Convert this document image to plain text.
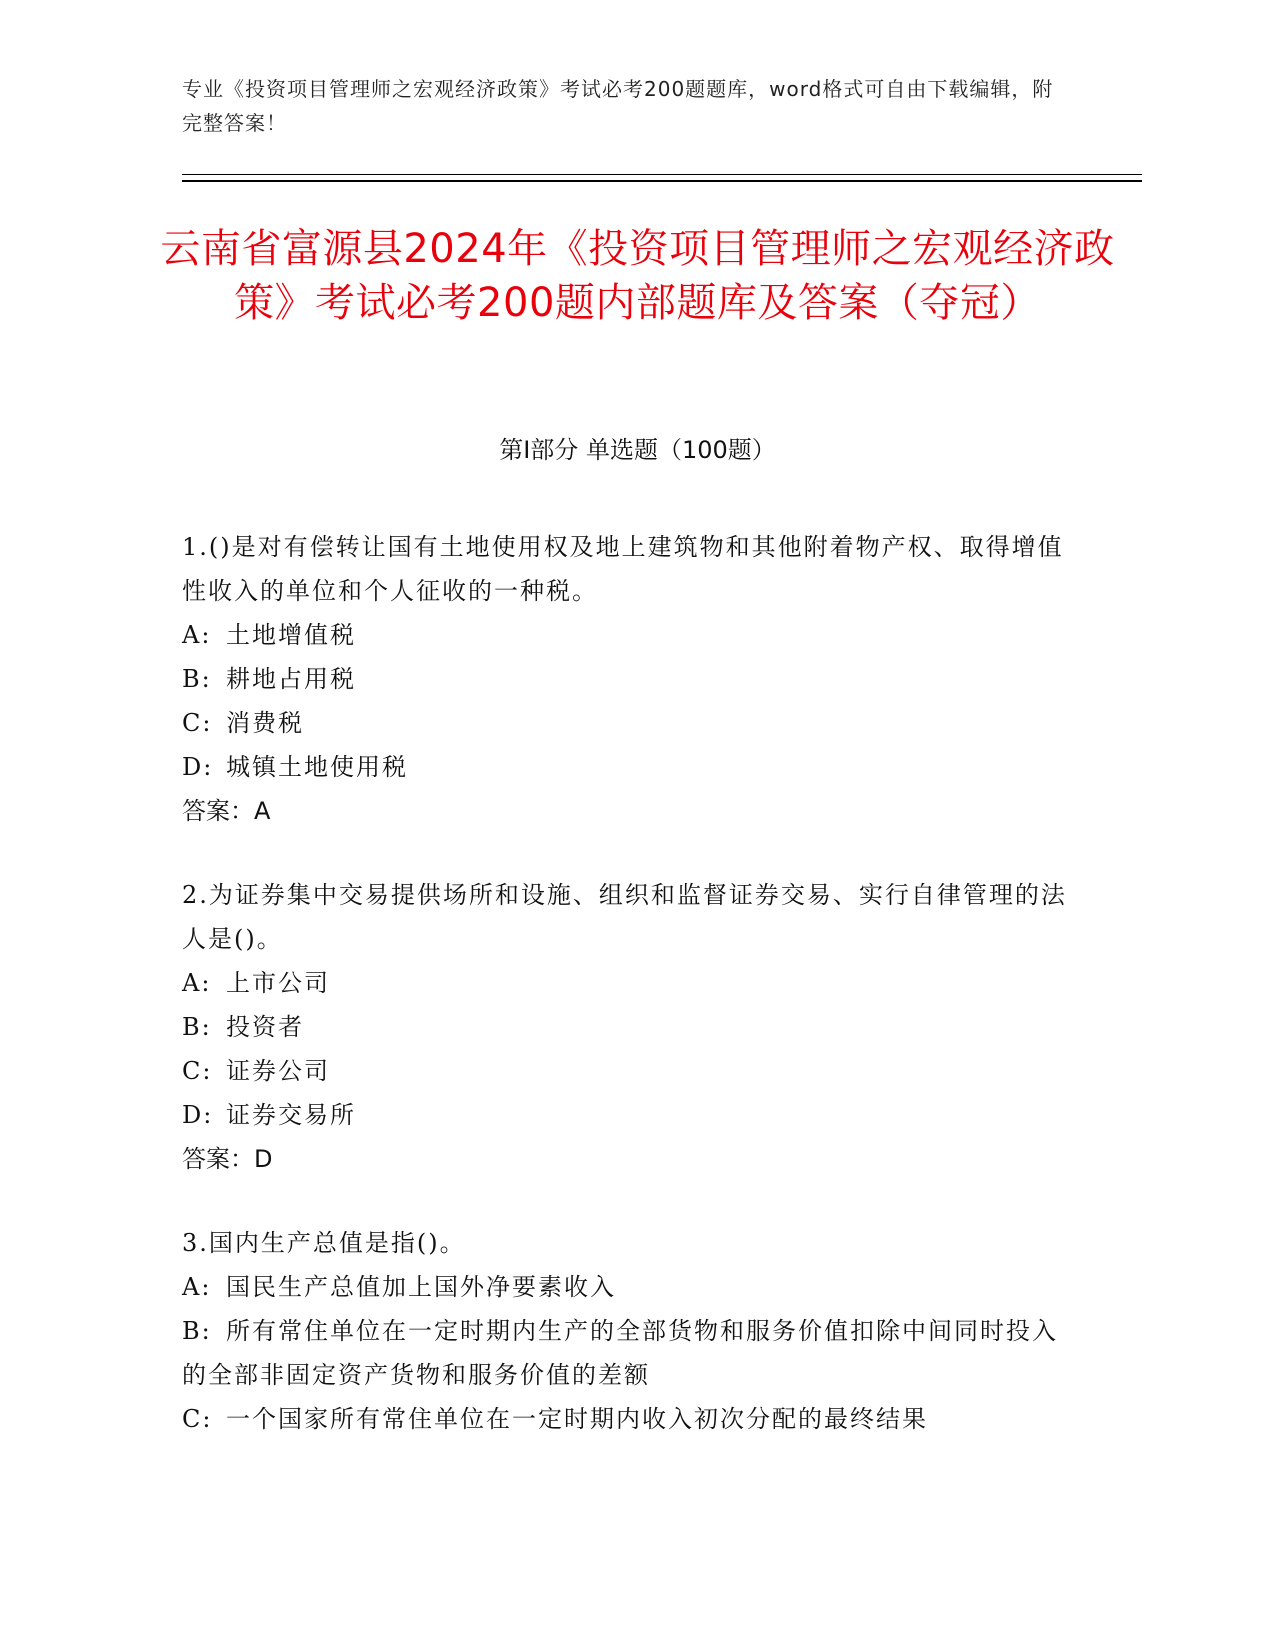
专业《投资项目管理师之宏观经济政策》考试必考200题题库，word格式可自由下载编辑，附完整答案！
云南省富源县2024年《投资项目管理师之宏观经济政策》考试必考200题内部题库及答案（夺冠）
第Ⅰ部分 单选题（100题）

1.()是对有偿转让国有土地使用权及地上建筑物和其他附着物产权、取得增值性收入的单位和个人征收的一种税。

A: 土地增值税

B: 耕地占用税

C: 消费税

D: 城镇土地使用税

答案：A

2.为证券集中交易提供场所和设施、组织和监督证券交易、实行自律管理的法人是()。

A: 上市公司

B: 投资者

C: 证券公司

D: 证券交易所

答案：D

3.国内生产总值是指()。

A: 国民生产总值加上国外净要素收入

B: 所有常住单位在一定时期内生产的全部货物和服务价值扣除中间同时投入的全部非固定资产货物和服务价值的差额

C: 一个国家所有常住单位在一定时期内收入初次分配的最终结果
